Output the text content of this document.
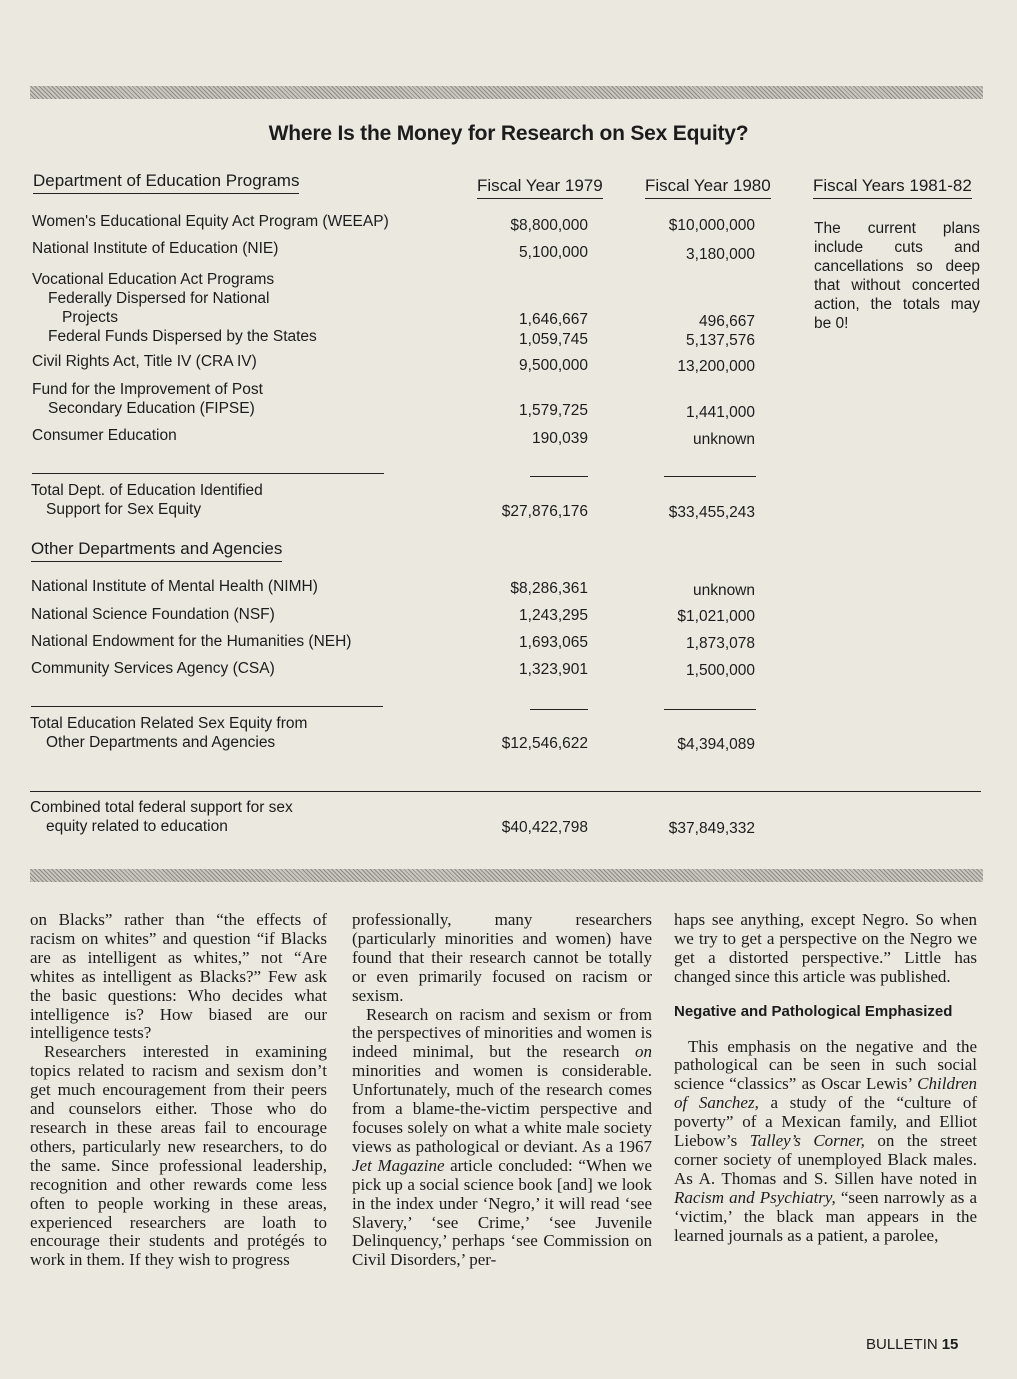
Where Is the Money for Research on Sex Equity?
Department of Education Programs	Fiscal Year 1979 Fiscal Year 1980 Fiscal Years 1981-82
The current plans include cuts and cancellations so deep that without concerted action, the totals may be 0!
Women's Educational Equity Act Program (WEEAP)	$8,800,000	$10,000,000
National Institute of Education (NIE)	5,100,000	3,180,000
Vocational Education Act Programs
Federally Dispersed for National
Projects	1,646,667	496,667
Federal Funds Dispersed by the States	1,059,745	5,137,576
Civil Rights Act, Title IV (CRA IV)	9,500,000	13,200,000
Fund for the Improvement of Post
Secondary Education (FIPSE)	1,579,725	1,441,000
Consumer Education	190,039	unknown
Total Dept. of Education Identified
Support for Sex Equity	$27,876,176	$33,455,243
Other Departments and Agencies
National Institute of Mental Health (NIMH)	$8,286,361	unknown
National Science Foundation (NSF)	1,243,295	$1,021,000
National Endowment for the Humanities (NEH)	1,693,065	1,873,078
Community Services Agency (CSA)	1,323,901	1,500,000
Total Education Related Sex Equity from
Other Departments and Agencies	$12,546,622	$4,394,089
Combined total federal support for sex
equity related to education	$40,422,798	$37,849,332

on Blacks” rather than “the effects of racism on whites” and question “if Blacks are as intelligent as whites,” not “Are whites as intelligent as Blacks?” Few ask the basic questions: Who decides what intelligence is? How biased are our intelligence tests?

Researchers interested in examining topics related to racism and sexism don’t get much encouragement from their peers and counselors either. Those who do research in these areas fail to encourage others, particularly new researchers, to do the same. Since professional leadership, recognition and other rewards come less often to people working in these areas, experienced researchers are loath to encourage their students and protégés to work in them. If they wish to progress

professionally, many researchers (particularly minorities and women) have found that their research cannot be totally or even primarily focused on racism or sexism.

Research on racism and sexism or from the perspectives of minorities and women is indeed minimal, but the research on minorities and women is considerable. Unfortunately, much of the research comes from a blame-the-victim perspective and focuses solely on what a white male society views as pathological or deviant. As a 1967 Jet Magazine article concluded: “When we pick up a social science book [and] we look in the index under ‘Negro,’ it will read ‘see Slavery,’ ‘see Crime,’ ‘see Juvenile Delinquency,’ perhaps ‘see Commission on Civil Disorders,’ per-

haps see anything, except Negro. So when we try to get a perspective on the Negro we get a distorted perspective.” Little has changed since this article was published.

Negative and Pathological Emphasized

This emphasis on the negative and the pathological can be seen in such social science “classics” as Oscar Lewis’ Children of Sanchez, a study of the “culture of poverty” of a Mexican family, and Elliot Liebow’s Talley’s Corner, on the street corner society of unemployed Black males. As A. Thomas and S. Sillen have noted in Racism and Psychiatry, “seen narrowly as a ‘victim,’ the black man appears in the learned journals as a patient, a parolee,

BULLETIN 15
